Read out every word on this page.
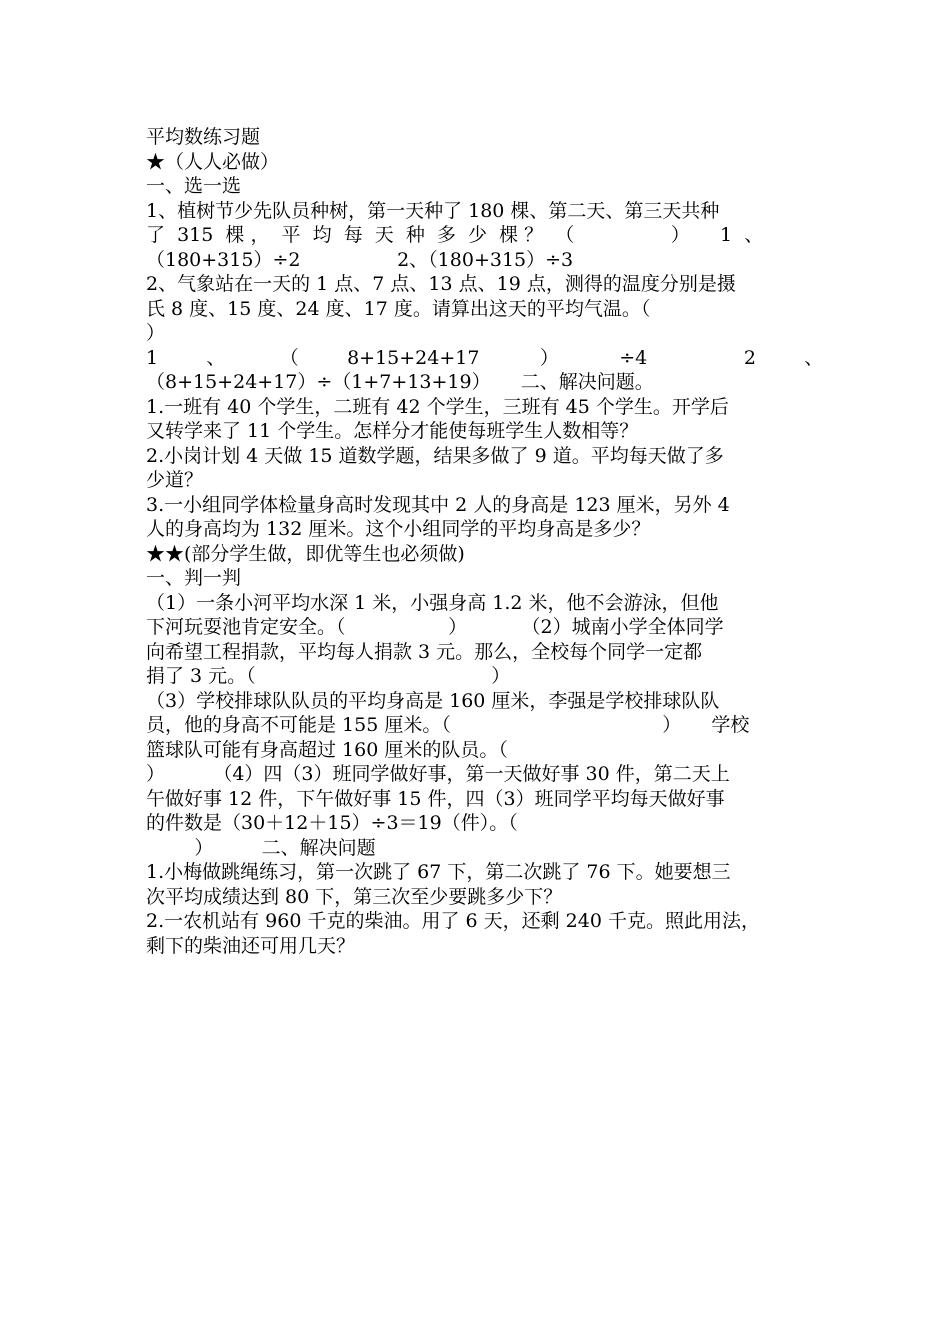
平均数练习题
★（人人必做）
一、选一选
1、植树节少先队员种树，第一天种了 180 棵、第二天、第三天共种
了  315  棵 ，  平  均  每  天  种  多  少  棵 ？  （                ）     1  、
（180+315）÷2                2、（180+315）÷3
2、气象站在一天的 1 点、7 点、13 点、19 点，测得的温度分别是摄
氏 8 度、15 度、24 度、17 度。请算出这天的平均气温。（
）
1        、         （        8+15+24+17          ）          ÷4                2        、
（8+15+24+17）÷（1+7+13+19）     二、解决问题。
1.一班有 40 个学生，二班有 42 个学生，三班有 45 个学生。开学后
又转学来了 11 个学生。怎样分才能使每班学生人数相等？
2.小岗计划 4 天做 15 道数学题，结果多做了 9 道。平均每天做了多
少道？
3.一小组同学体检量身高时发现其中 2 人的身高是 123 厘米，另外 4
人的身高均为 132 厘米。这个小组同学的平均身高是多少？
★★(部分学生做，即优等生也必须做)
一、判一判
（1）一条小河平均水深 1 米，小强身高 1.2 米，他不会游泳，但他
下河玩耍池肯定安全。（                 ）         （2）城南小学全体同学
向希望工程捐款，平均每人捐款 3 元。那么，全校每个同学一定都
捐了 3 元。（                                       ）
（3）学校排球队队员的平均身高是 160 厘米，李强是学校排球队队
员，他的身高不可能是 155 厘米。（                                   ）     学校
篮球队可能有身高超过 160 厘米的队员。（
）        （4）四（3）班同学做好事，第一天做好事 30 件，第二天上
午做好事 12 件，下午做好事 15 件，四（3）班同学平均每天做好事
的件数是（30＋12＋15）÷3＝19（件）。（
）        二、解决问题
1.小梅做跳绳练习，第一次跳了 67 下，第二次跳了 76 下。她要想三
次平均成绩达到 80 下，第三次至少要跳多少下？
2.一农机站有 960 千克的柴油。用了 6 天，还剩 240 千克。照此用法，
剩下的柴油还可用几天？
